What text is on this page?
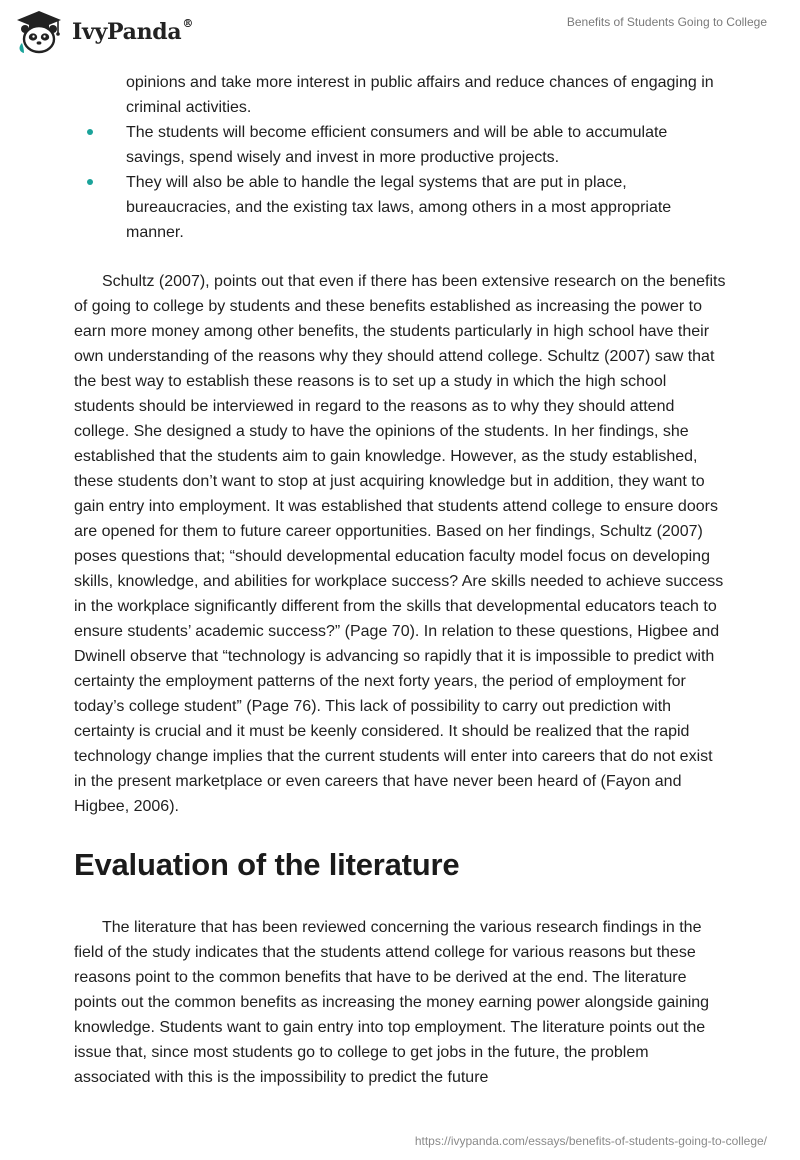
IvyPanda®	Benefits of Students Going to College
opinions and take more interest in public affairs and reduce chances of engaging in criminal activities.
The students will become efficient consumers and will be able to accumulate savings, spend wisely and invest in more productive projects.
They will also be able to handle the legal systems that are put in place, bureaucracies, and the existing tax laws, among others in a most appropriate manner.

Schultz (2007), points out that even if there has been extensive research on the benefits of going to college by students and these benefits established as increasing the power to earn more money among other benefits, the students particularly in high school have their own understanding of the reasons why they should attend college. Schultz (2007) saw that the best way to establish these reasons is to set up a study in which the high school students should be interviewed in regard to the reasons as to why they should attend college. She designed a study to have the opinions of the students. In her findings, she established that the students aim to gain knowledge. However, as the study established, these students don’t want to stop at just acquiring knowledge but in addition, they want to gain entry into employment. It was established that students attend college to ensure doors are opened for them to future career opportunities. Based on her findings, Schultz (2007) poses questions that; “should developmental education faculty model focus on developing skills, knowledge, and abilities for workplace success? Are skills needed to achieve success in the workplace significantly different from the skills that developmental educators teach to ensure students’ academic success?” (Page 70). In relation to these questions, Higbee and Dwinell observe that “technology is advancing so rapidly that it is impossible to predict with certainty the employment patterns of the next forty years, the period of employment for today’s college student” (Page 76). This lack of possibility to carry out prediction with certainty is crucial and it must be keenly considered. It should be realized that the rapid technology change implies that the current students will enter into careers that do not exist in the present marketplace or even careers that have never been heard of (Fayon and Higbee, 2006).

Evaluation of the literature

The literature that has been reviewed concerning the various research findings in the field of the study indicates that the students attend college for various reasons but these reasons point to the common benefits that have to be derived at the end. The literature points out the common benefits as increasing the money earning power alongside gaining knowledge. Students want to gain entry into top employment. The literature points out the issue that, since most students go to college to get jobs in the future, the problem associated with this is the impossibility to predict the future

https://ivypanda.com/essays/benefits-of-students-going-to-college/
